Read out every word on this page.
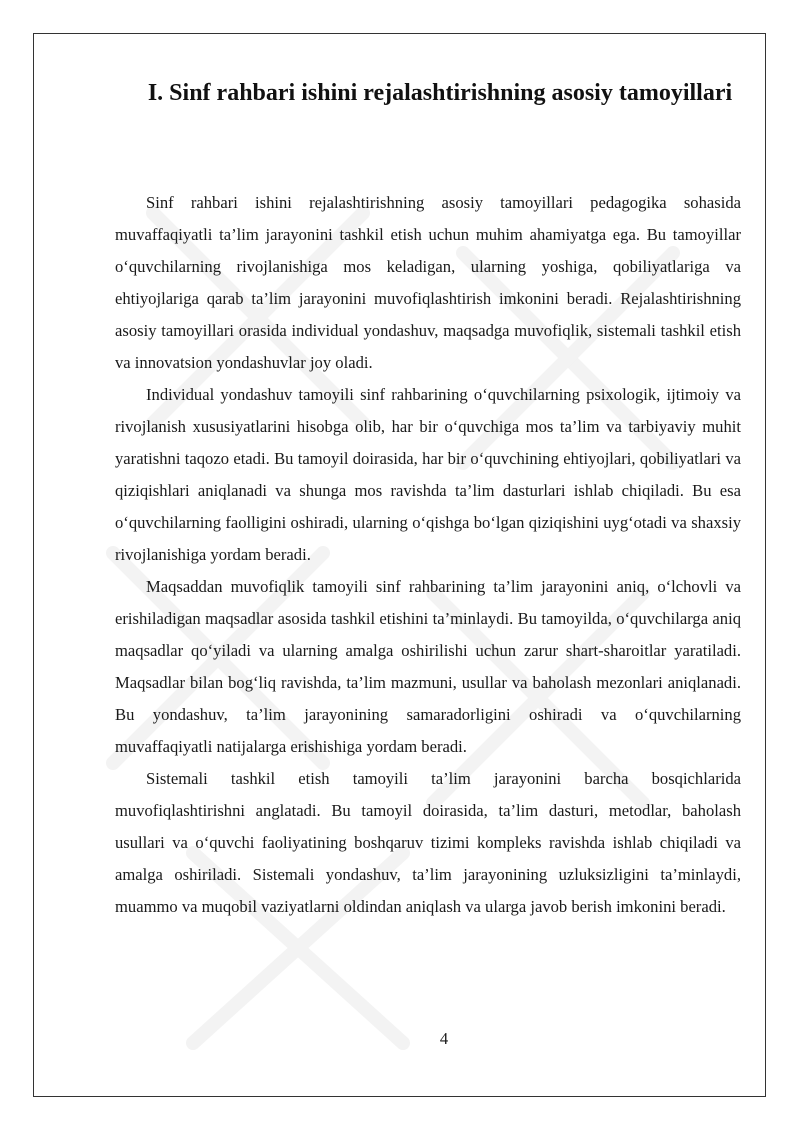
I. Sinf rahbari ishini rejalashtirishning asosiy tamoyillari

Sinf rahbari ishini rejalashtirishning asosiy tamoyillari pedagogika sohasida muvaffaqiyatli ta’lim jarayonini tashkil etish uchun muhim ahamiyatga ega. Bu tamoyillar o‘quvchilarning rivojlanishiga mos keladigan, ularning yoshiga, qobiliyatlariga va ehtiyojlariga qarab ta’lim jarayonini muvofiqlashtirish imkonini beradi. Rejalashtirishning asosiy tamoyillari orasida individual yondashuv, maqsadga muvofiqlik, sistemali tashkil etish va innovatsion yondashuvlar joy oladi.

Individual yondashuv tamoyili sinf rahbarining o‘quvchilarning psixologik, ijtimoiy va rivojlanish xususiyatlarini hisobga olib, har bir o‘quvchiga mos ta’lim va tarbiyaviy muhit yaratishni taqozo etadi. Bu tamoyil doirasida, har bir o‘quvchining ehtiyojlari, qobiliyatlari va qiziqishlari aniqlanadi va shunga mos ravishda ta’lim dasturlari ishlab chiqiladi. Bu esa o‘quvchilarning faolligini oshiradi, ularning o‘qishga bo‘lgan qiziqishini uyg‘otadi va shaxsiy rivojlanishiga yordam beradi.

Maqsaddan muvofiqlik tamoyili sinf rahbarining ta’lim jarayonini aniq, o‘lchovli va erishiladigan maqsadlar asosida tashkil etishini ta’minlaydi. Bu tamoyilda, o‘quvchilarga aniq maqsadlar qo‘yiladi va ularning amalga oshirilishi uchun zarur shart-sharoitlar yaratiladi. Maqsadlar bilan bog‘liq ravishda, ta’lim mazmuni, usullar va baholash mezonlari aniqlanadi. Bu yondashuv, ta’lim jarayonining samaradorligini oshiradi va o‘quvchilarning muvaffaqiyatli natijalarga erishishiga yordam beradi.

Sistemali tashkil etish tamoyili ta’lim jarayonini barcha bosqichlarida muvofiqlashtirishni anglatadi. Bu tamoyil doirasida, ta’lim dasturi, metodlar, baholash usullari va o‘quvchi faoliyatining boshqaruv tizimi kompleks ravishda ishlab chiqiladi va amalga oshiriladi. Sistemali yondashuv, ta’lim jarayonining uzluksizligini ta’minlaydi, muammo va muqobil vaziyatlarni oldindan aniqlash va ularga javob berish imkonini beradi.

4
